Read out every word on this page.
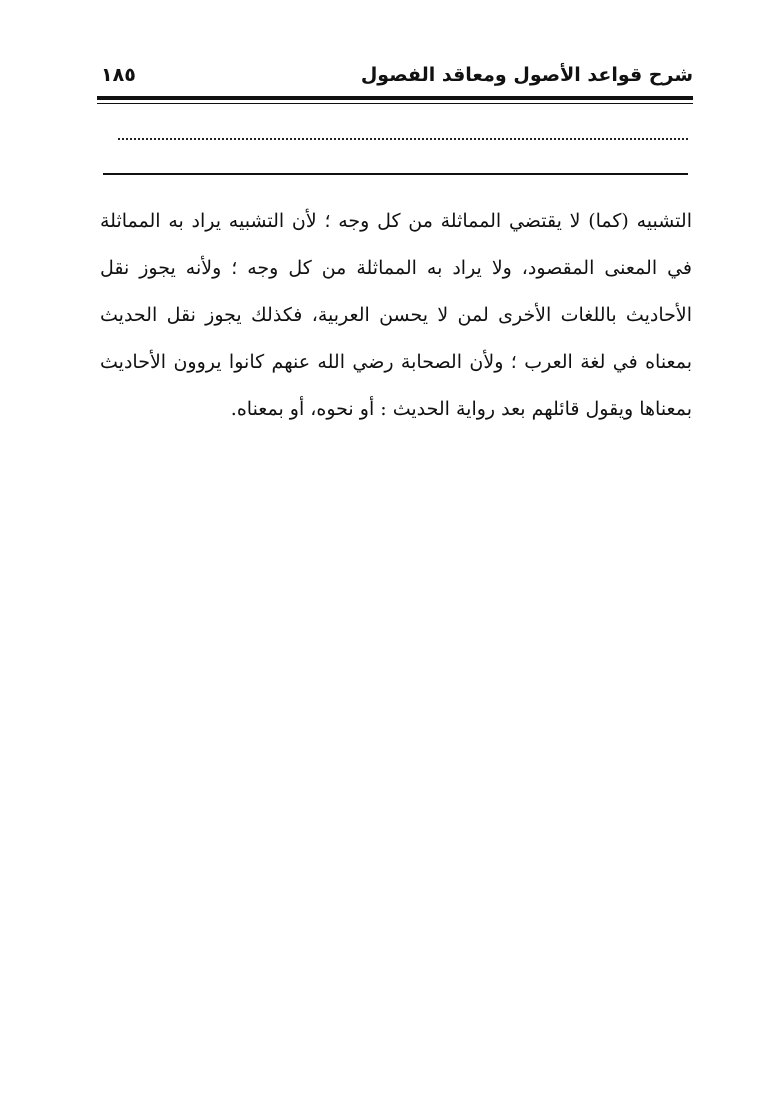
شرح قواعد الأصول ومعاقد الفصول
١٨٥

التشبيه (كما) لا يقتضي المماثلة من كل وجه ؛ لأن التشبيه يراد به المماثلة في المعنى المقصود، ولا يراد به المماثلة من كل وجه ؛ ولأنه يجوز نقل الأحاديث باللغات الأخرى لمن لا يحسن العربية، فكذلك يجوز نقل الحديث بمعناه في لغة العرب ؛ ولأن الصحابة رضي الله عنهم كانوا يروون الأحاديث بمعناها ويقول قائلهم بعد رواية الحديث : أو نحوه، أو بمعناه.
